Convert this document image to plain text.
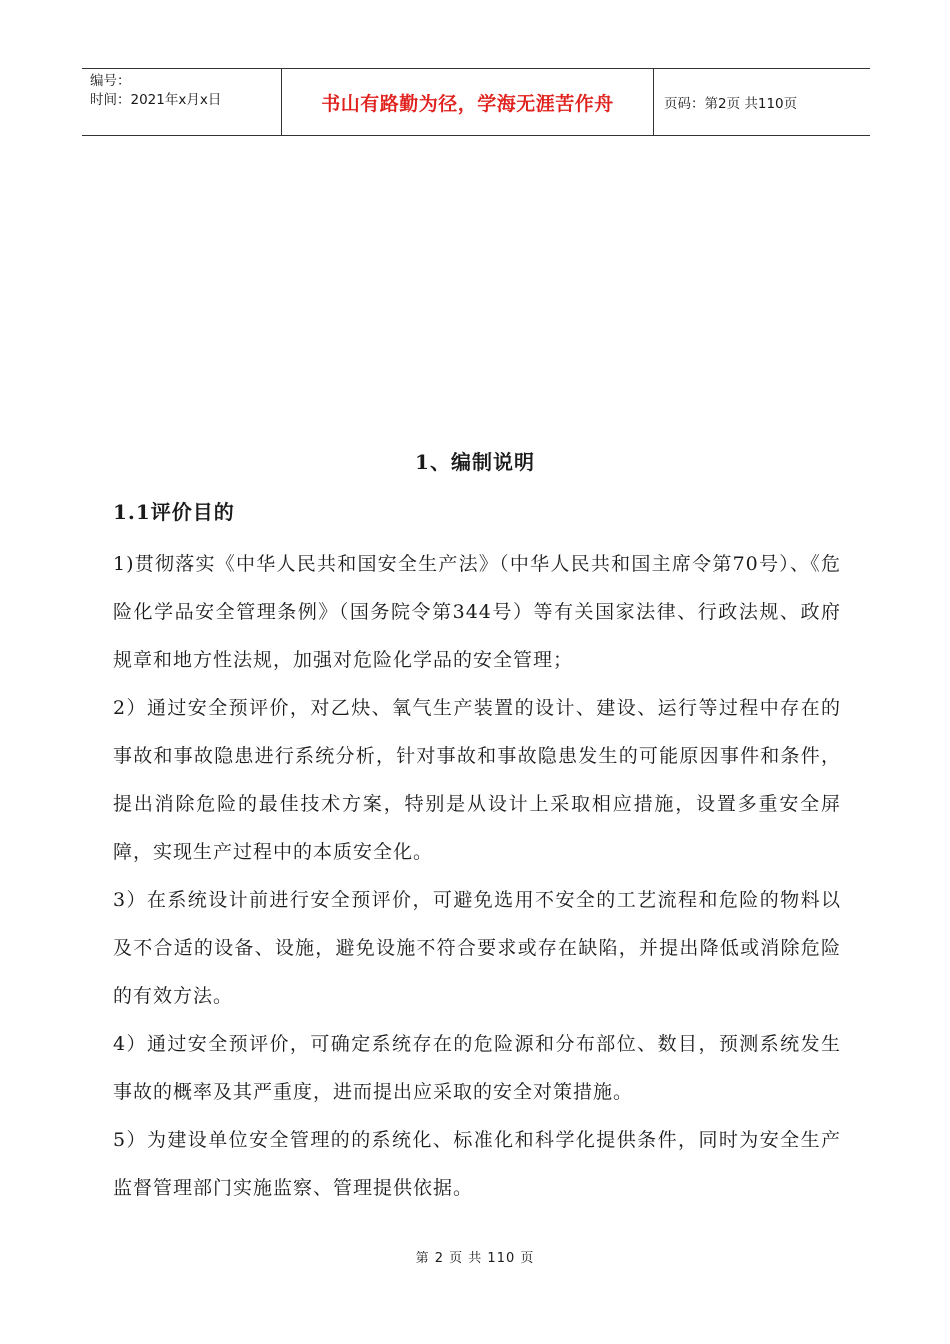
编号：
时间：2021年x月x日	书山有路勤为径，学海无涯苦作舟	页码：第2页 共110页
1、编制说明
1.1评价目的

1)贯彻落实《中华人民共和国安全生产法》（中华人民共和国主席令第70号）、《危险化学品安全管理条例》（国务院令第344号）等有关国家法律、行政法规、政府规章和地方性法规，加强对危险化学品的安全管理；

2）通过安全预评价，对乙炔、氧气生产装置的设计、建设、运行等过程中存在的事故和事故隐患进行系统分析，针对事故和事故隐患发生的可能原因事件和条件，提出消除危险的最佳技术方案，特别是从设计上采取相应措施，设置多重安全屏障，实现生产过程中的本质安全化。

3）在系统设计前进行安全预评价，可避免选用不安全的工艺流程和危险的物料以及不合适的设备、设施，避免设施不符合要求或存在缺陷，并提出降低或消除危险的有效方法。

4）通过安全预评价，可确定系统存在的危险源和分布部位、数目，预测系统发生事故的概率及其严重度，进而提出应采取的安全对策措施。

5）为建设单位安全管理的的系统化、标准化和科学化提供条件，同时为安全生产监督管理部门实施监察、管理提供依据。

第 2 页 共 110 页
